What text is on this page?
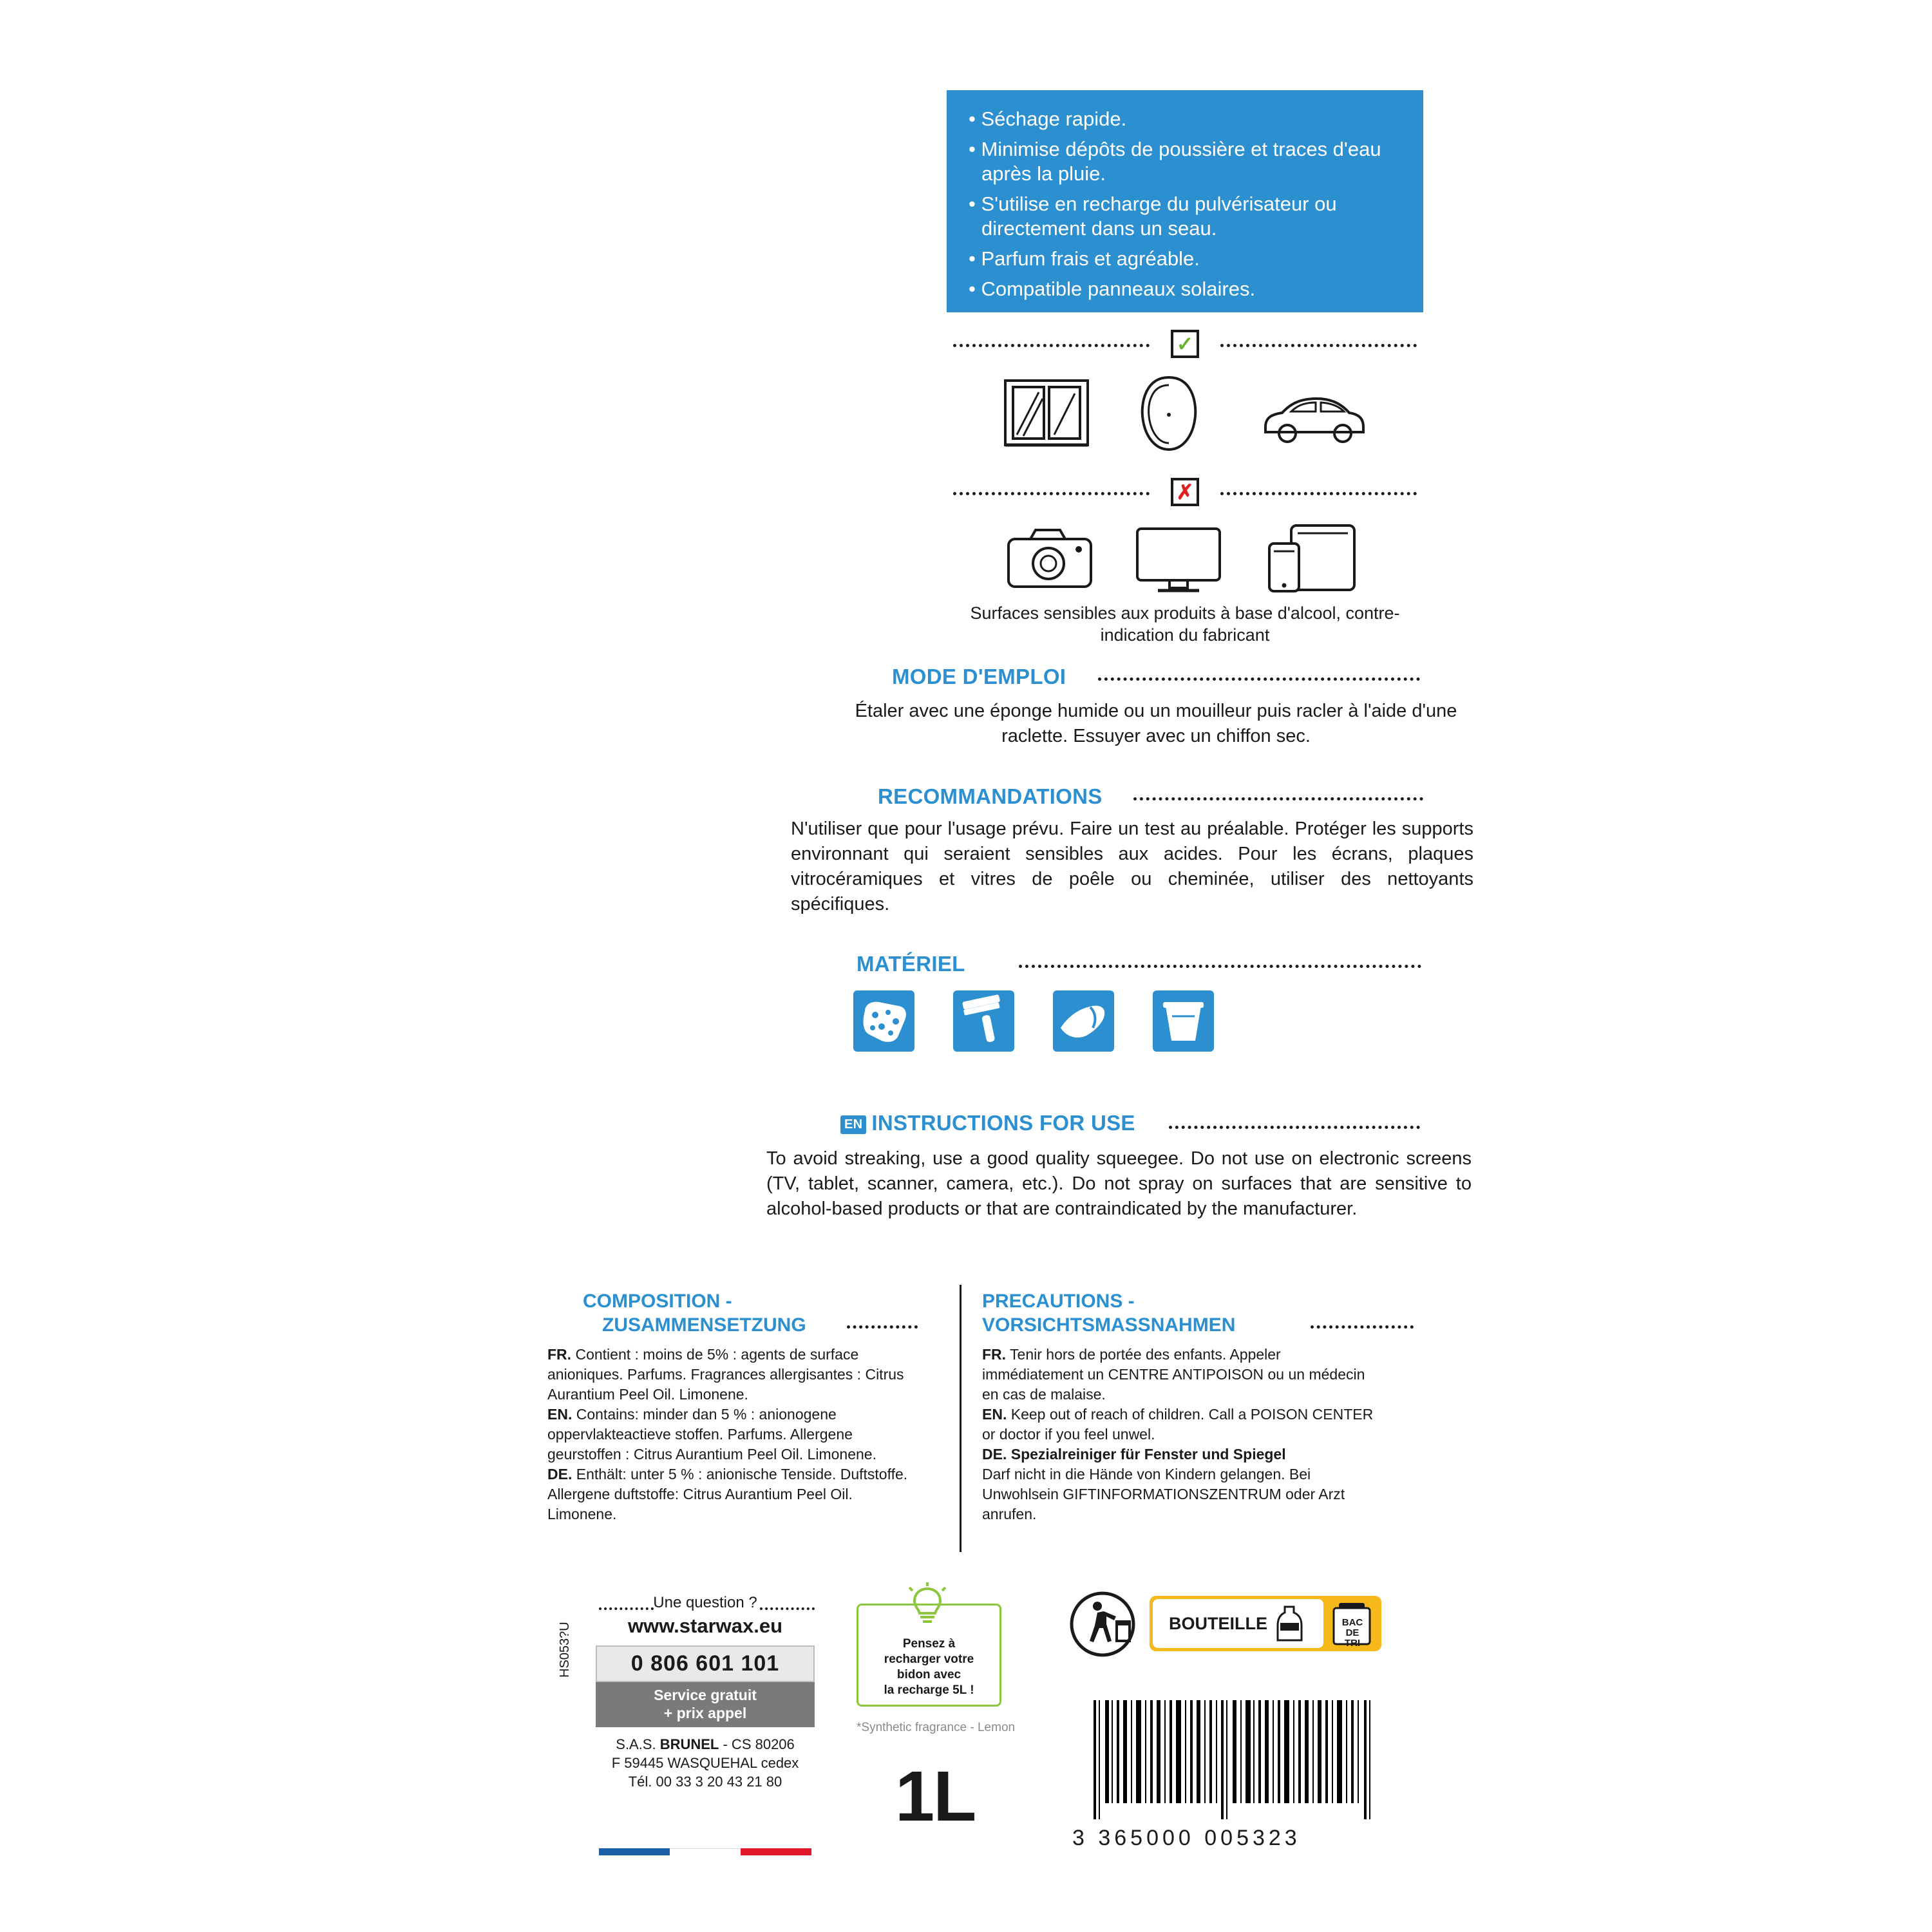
• Séchage rapide.
• Minimise dépôts de poussière et traces d'eau après la pluie.
• S'utilise en recharge du pulvérisateur ou directement dans un seau.
• Parfum frais et agréable.
• Compatible panneaux solaires.
✓
✗
Surfaces sensibles aux produits à base d'alcool, contre-indication du fabricant
MODE D'EMPLOI
Étaler avec une éponge humide ou un mouilleur puis racler à l'aide d'une raclette. Essuyer avec un chiffon sec.
RECOMMANDATIONS
N'utiliser que pour l'usage prévu. Faire un test au préalable. Protéger les supports environnant qui seraient sensibles aux acides. Pour les écrans, plaques vitrocéramiques et vitres de poêle ou cheminée, utiliser des nettoyants spécifiques.
MATÉRIEL
EN INSTRUCTIONS FOR USE
To avoid streaking, use a good quality squeegee. Do not use on electronic screens (TV, tablet, scanner, camera, etc.). Do not spray on surfaces that are sensitive to alcohol-based products or that are contraindicated by the manufacturer.
COMPOSITION -
ZUSAMMENSETZUNG
FR. Contient : moins de 5% : agents de surface anioniques. Parfums. Fragrances allergisantes : Citrus Aurantium Peel Oil. Limonene.
EN. Contains: minder dan 5 % : anionogene oppervlakteactieve stoffen. Parfums. Allergene geurstoffen : Citrus Aurantium Peel Oil. Limonene.
DE. Enthält: unter 5 % : anionische Tenside. Duftstoffe. Allergene duftstoffe: Citrus Aurantium Peel Oil. Limonene.
PRECAUTIONS -
VORSICHTSMASSNAHMEN
FR. Tenir hors de portée des enfants. Appeler immédiatement un CENTRE ANTIPOISON ou un médecin en cas de malaise.
EN. Keep out of reach of children. Call a POISON CENTER or doctor if you feel unwel.
DE. Spezialreiniger für Fenster und Spiegel
Darf nicht in die Hände von Kindern gelangen. Bei Unwohlsein GIFTINFORMATIONSZENTRUM oder Arzt anrufen.
HS053?U
Une question ?
www.starwax.eu
0 806 601 101
Service gratuit
+ prix appel
S.A.S. BRUNEL - CS 80206
F 59445 WASQUEHAL cedex
Tél. 00 33 3 20 43 21 80
Pensez à
recharger votre
bidon avec
la recharge 5L !
*Synthetic fragrance - Lemon
1L
BOUTEILLE	BAC
DE
TRI
3 365000 005323
